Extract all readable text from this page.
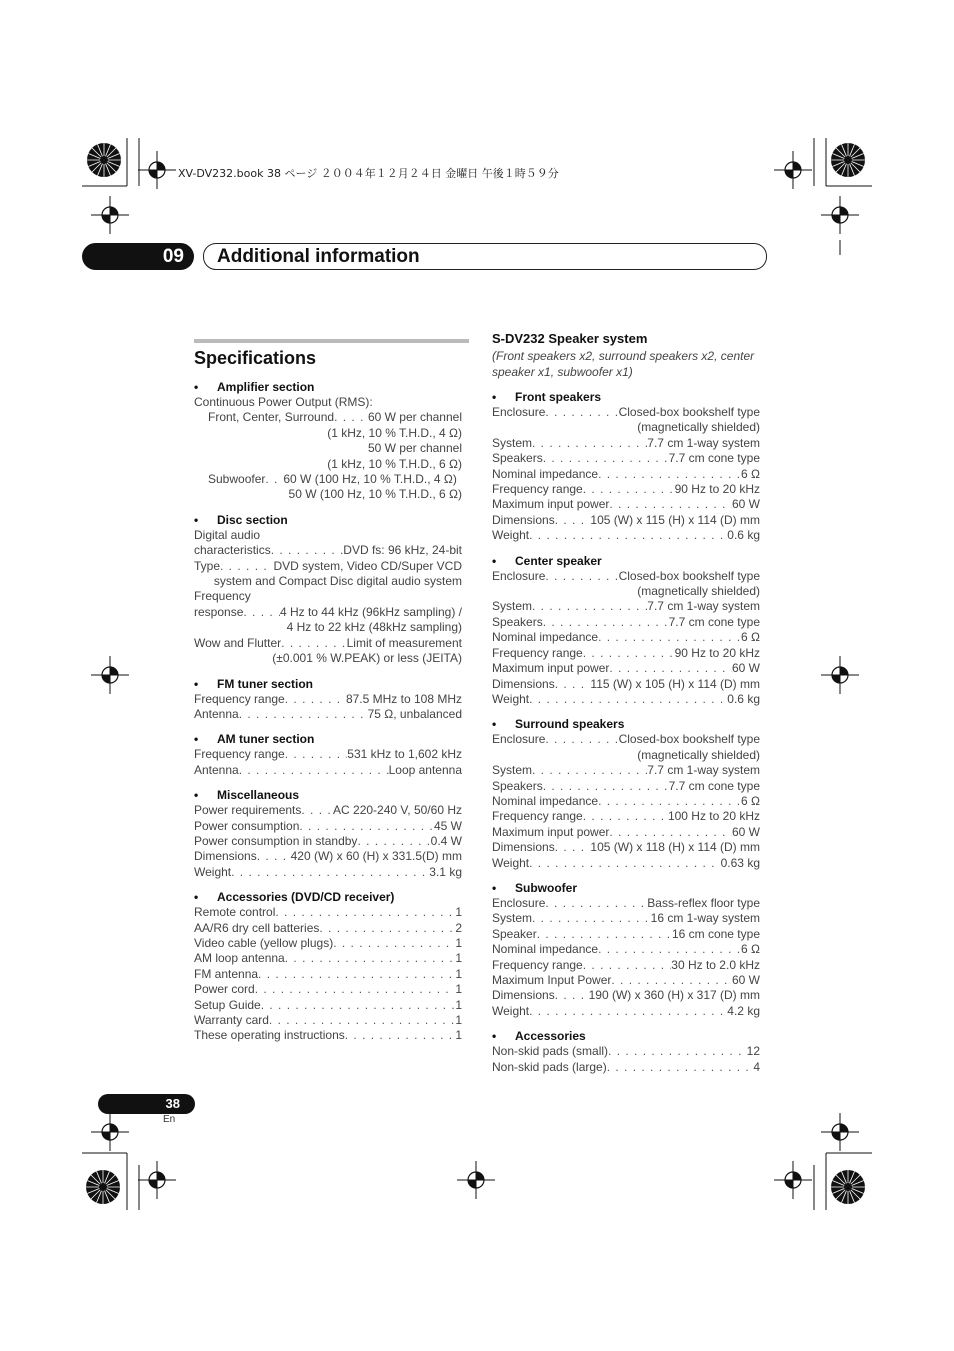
XV-DV232.book 38 ページ ２００４年１２月２４日 金曜日 午後１時５９分
09	Additional information
Specifications
• Amplifier section
Continuous Power Output (RMS):
Front, Center, Surround . . .	60 W per channel
(1 kHz, 10 % T.H.D., 4 Ω)
50 W per channel
(1 kHz, 10 % T.H.D., 6 Ω)
Subwoofer . . . 60 W (100 Hz, 10 % T.H.D., 4 Ω)
50 W (100 Hz, 10 % T.H.D., 6 Ω)
• Disc section
Digital audio
characteristics . . .	DVD fs: 96 kHz, 24-bit
Type . . .	DVD system, Video CD/Super VCD
system and Compact Disc digital audio system
Frequency
response . . .	4 Hz to 44 kHz (96kHz sampling) /
4 Hz to 22 kHz (48kHz sampling)
Wow and Flutter . . .	Limit of measurement
(±0.001 % W.PEAK) or less (JEITA)
• FM tuner section
Frequency range . . .	87.5 MHz to 108 MHz
Antenna . . .	75 Ω, unbalanced
• AM tuner section
Frequency range . . .	531 kHz to 1,602 kHz
Antenna . . .	Loop antenna
• Miscellaneous
Power requirements . . .	AC 220-240 V, 50/60 Hz
Power consumption . . .	45 W
Power consumption in standby . . .	0.4 W
Dimensions . . .	420 (W) x 60 (H) x 331.5(D) mm
Weight . . .	3.1 kg
• Accessories (DVD/CD receiver)
Remote control . . .	1
AA/R6 dry cell batteries . . .	2
Video cable (yellow plugs) . . .	1
AM loop antenna . . .	1
FM antenna . . .	1
Power cord . . .	1
Setup Guide . . .	1
Warranty card . . .	1
These operating instructions . . .	1
S-DV232 Speaker system
(Front speakers x2, surround speakers x2, center speaker x1, subwoofer x1)
• Front speakers
Enclosure . . .	Closed-box bookshelf type
(magnetically shielded)
System . . .	7.7 cm 1-way system
Speakers . . .	7.7 cm cone type
Nominal impedance . . .	6 Ω
Frequency range . . .	90 Hz to 20 kHz
Maximum input power . . .	60 W
Dimensions . . .	105 (W) x 115 (H) x 114 (D) mm
Weight . . .	0.6 kg
• Center speaker
Enclosure . . .	Closed-box bookshelf type
(magnetically shielded)
System . . .	7.7 cm 1-way system
Speakers . . .	7.7 cm cone type
Nominal impedance . . .	6 Ω
Frequency range . . .	90 Hz to 20 kHz
Maximum input power . . .	60 W
Dimensions . . .	115 (W) x 105 (H) x 114 (D) mm
Weight . . .	0.6 kg
• Surround speakers
Enclosure . . .	Closed-box bookshelf type
(magnetically shielded)
System . . .	7.7 cm 1-way system
Speakers . . .	7.7 cm cone type
Nominal impedance . . .	6 Ω
Frequency range . . .	100 Hz to 20 kHz
Maximum input power . . .	60 W
Dimensions . . .	105 (W) x 118 (H) x 114 (D) mm
Weight . . .	0.63 kg
• Subwoofer
Enclosure . . .	Bass-reflex floor type
System . . .	16 cm 1-way system
Speaker . . .	16 cm cone type
Nominal impedance . . .	6 Ω
Frequency range . . .	30 Hz to 2.0 kHz
Maximum Input Power . . .	60 W
Dimensions . . .	190 (W) x 360 (H) x 317 (D) mm
Weight . . .	4.2 kg
• Accessories
Non-skid pads (small) . . .	12
Non-skid pads (large) . . .	4
38
En
